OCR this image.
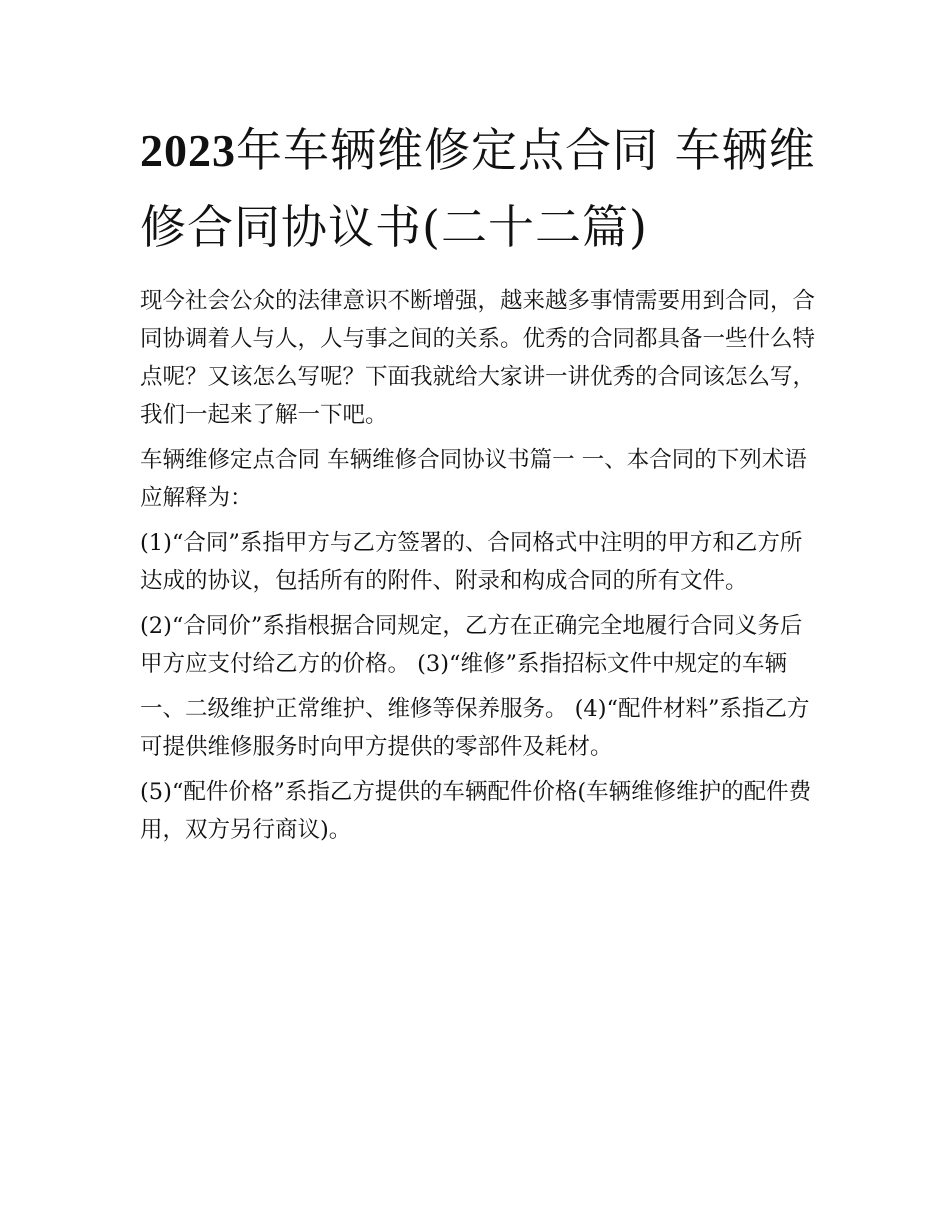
2023年车辆维修定点合同 车辆维修合同协议书(二十二篇)

现今社会公众的法律意识不断增强，越来越多事情需要用到合同，合同协调着人与人，人与事之间的关系。优秀的合同都具备一些什么特点呢？又该怎么写呢？下面我就给大家讲一讲优秀的合同该怎么写，我们一起来了解一下吧。

车辆维修定点合同 车辆维修合同协议书篇一 一、本合同的下列术语应解释为：

(1)“合同”系指甲方与乙方签署的、合同格式中注明的甲方和乙方所达成的协议，包括所有的附件、附录和构成合同的所有文件。

(2)“合同价”系指根据合同规定，乙方在正确完全地履行合同义务后甲方应支付给乙方的价格。 (3)“维修”系指招标文件中规定的车辆

一、二级维护正常维护、维修等保养服务。 (4)“配件材料”系指乙方可提供维修服务时向甲方提供的零部件及耗材。

(5)“配件价格”系指乙方提供的车辆配件价格(车辆维修维护的配件费用，双方另行商议)。
